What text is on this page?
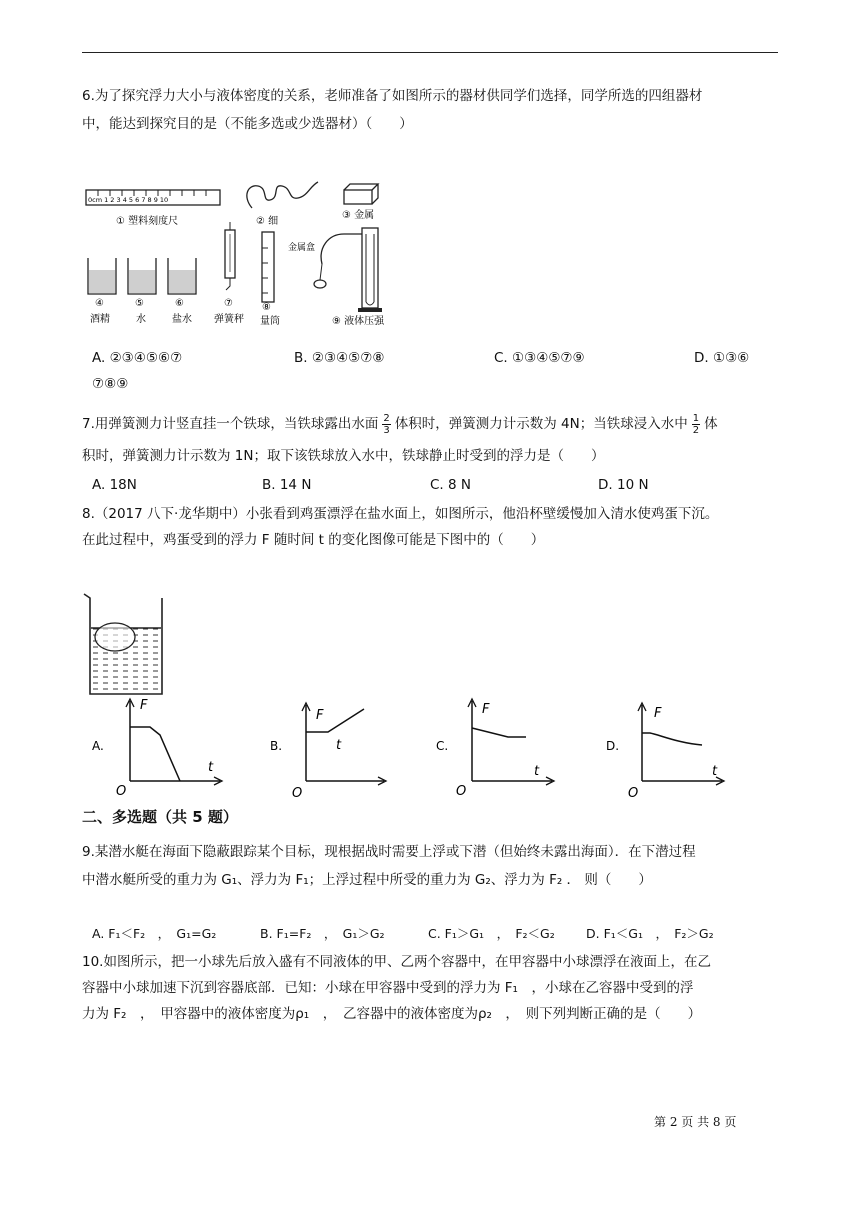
6.为了探究浮力大小与液体密度的关系，老师准备了如图所示的器材供同学们选择，同学所选的四组器材
中，能达到探究目的是（不能多选或少选器材）（　　）
0cm 1 2 3 4 5 6 7 8 9 10
① 塑料刻度尺	② 细
③ 金属
④	⑤	⑥
酒精	水	盐水
⑦
弹簧秤
⑧
量筒
金属盒
⑨ 液体压强
A. ②③④⑤⑥⑦	B. ②③④⑤⑦⑧	C. ①③④⑤⑦⑨	D. ①③⑥
⑦⑧⑨
7.用弹簧测力计竖直挂一个铁球，当铁球露出水面 $\frac{2}{3}$ 体积时，弹簧测力计示数为 4N；当铁球浸入水中 $\frac{1}{2}$ 体
积时，弹簧测力计示数为 1N；取下该铁球放入水中，铁球静止时受到的浮力是（　　）
A. 18N	B. 14 N	C. 8 N	D. 10 N
8.（2017 八下·龙华期中）小张看到鸡蛋漂浮在盐水面上，如图所示，他沿杯壁缓慢加入清水使鸡蛋下沉。
在此过程中，鸡蛋受到的浮力 F 随时间 t 的变化图像可能是下图中的（　　）
A.
F
t
O
B.
F
t
O
C.
F
t
O
D.
F
t
O
二、多选题（共 5 题）
9.某潜水艇在海面下隐蔽跟踪某个目标，现根据战时需要上浮或下潜（但始终未露出海面）．在下潜过程
中潜水艇所受的重力为 G₁、浮力为 F₁；上浮过程中所受的重力为 G₂、浮力为 F₂ ． 则（　　）
A. F₁＜F₂　，　G₁=G₂	B. F₁=F₂　，　G₁＞G₂	C. F₁＞G₁　，　F₂＜G₂	D. F₁＜G₁　，　F₂＞G₂
10.如图所示，把一小球先后放入盛有不同液体的甲、乙两个容器中，在甲容器中小球漂浮在液面上，在乙
容器中小球加速下沉到容器底部．已知：小球在甲容器中受到的浮力为 F₁　，小球在乙容器中受到的浮
力为 F₂　，　甲容器中的液体密度为ρ₁　，　乙容器中的液体密度为ρ₂　，　则下列判断正确的是（　　）
第 2 页 共 8 页
